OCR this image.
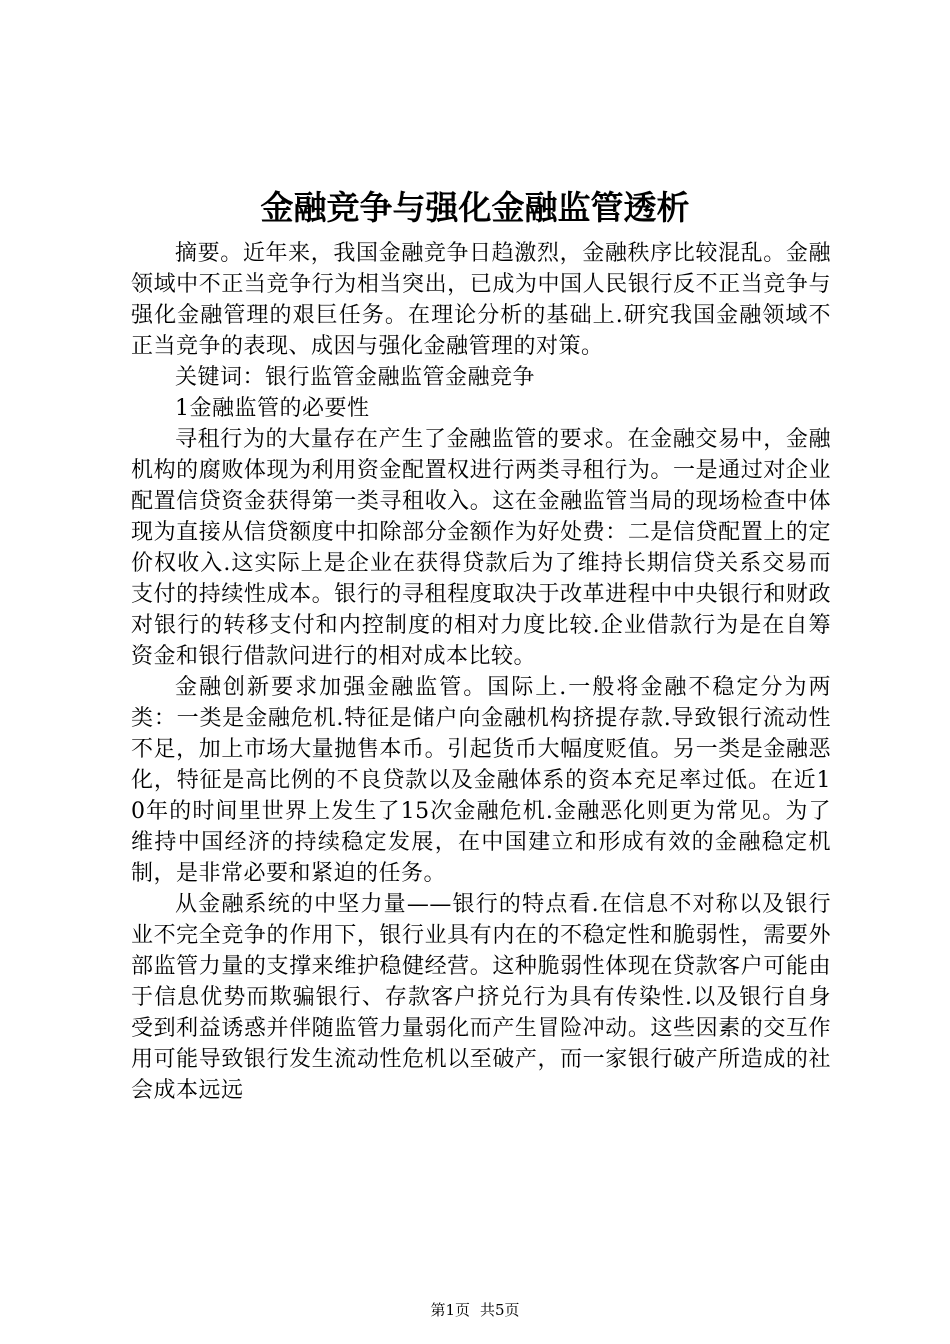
金融竞争与强化金融监管透析

摘要。近年来，我国金融竞争日趋激烈，金融秩序比较混乱。金融领域中不正当竞争行为相当突出，已成为中国人民银行反不正当竞争与强化金融管理的艰巨任务。在理论分析的基础上.研究我国金融领域不正当竞争的表现、成因与强化金融管理的对策。

关键词：银行监管金融监管金融竞争

1金融监管的必要性

寻租行为的大量存在产生了金融监管的要求。在金融交易中，金融机构的腐败体现为利用资金配置权进行两类寻租行为。一是通过对企业配置信贷资金获得第一类寻租收入。这在金融监管当局的现场检查中体现为直接从信贷额度中扣除部分金额作为好处费：二是信贷配置上的定价权收入.这实际上是企业在获得贷款后为了维持长期信贷关系交易而支付的持续性成本。银行的寻租程度取决于改革进程中中央银行和财政对银行的转移支付和内控制度的相对力度比较.企业借款行为是在自筹资金和银行借款问进行的相对成本比较。

金融创新要求加强金融监管。国际上.一般将金融不稳定分为两类：一类是金融危机.特征是储户向金融机构挤提存款.导致银行流动性不足，加上市场大量抛售本币。引起货币大幅度贬值。另一类是金融恶化，特征是高比例的不良贷款以及金融体系的资本充足率过低。在近10年的时间里世界上发生了15次金融危机.金融恶化则更为常见。为了维持中国经济的持续稳定发展，在中国建立和形成有效的金融稳定机制，是非常必要和紧迫的任务。

从金融系统的中坚力量——银行的特点看.在信息不对称以及银行业不完全竞争的作用下，银行业具有内在的不稳定性和脆弱性，需要外部监管力量的支撑来维护稳健经营。这种脆弱性体现在贷款客户可能由于信息优势而欺骗银行、存款客户挤兑行为具有传染性.以及银行自身受到利益诱惑并伴随监管力量弱化而产生冒险冲动。这些因素的交互作用可能导致银行发生流动性危机以至破产，而一家银行破产所造成的社会成本远远

第1页 共5页
